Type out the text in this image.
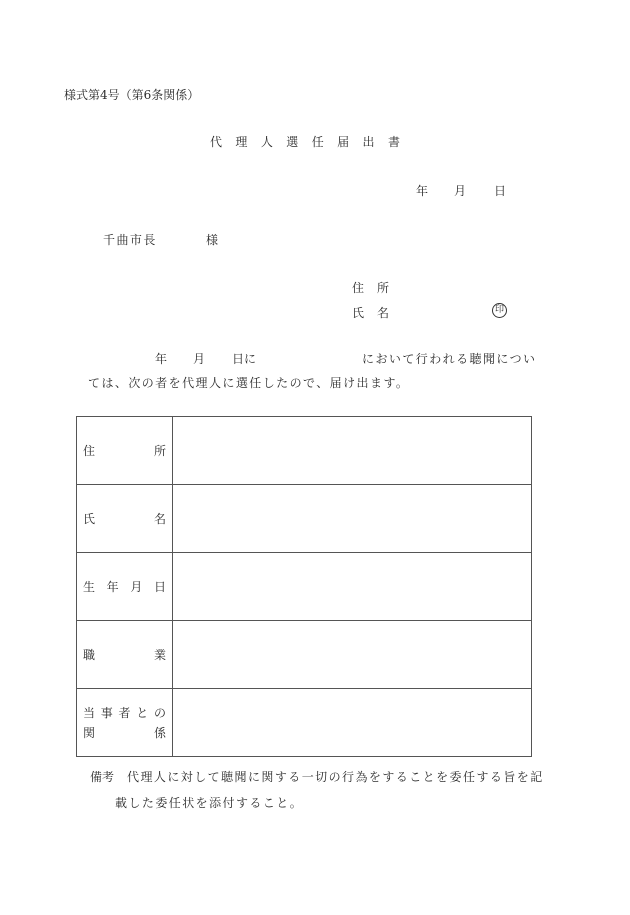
様式第4号（第6条関係）
代 理 人 選 任 届 出 書
年 月 日
千曲市長	様
住 所
氏 名	印
年 月 日に	において行われる聴聞につい
ては、次の者を代理人に選任したので、届け出ます。
住 所	

氏 名	

生 年 月 日	

職 業	

当 事 者 と の
関	係

備考 代理人に対して聴聞に関する一切の行為をすることを委任する旨を記
載した委任状を添付すること。
